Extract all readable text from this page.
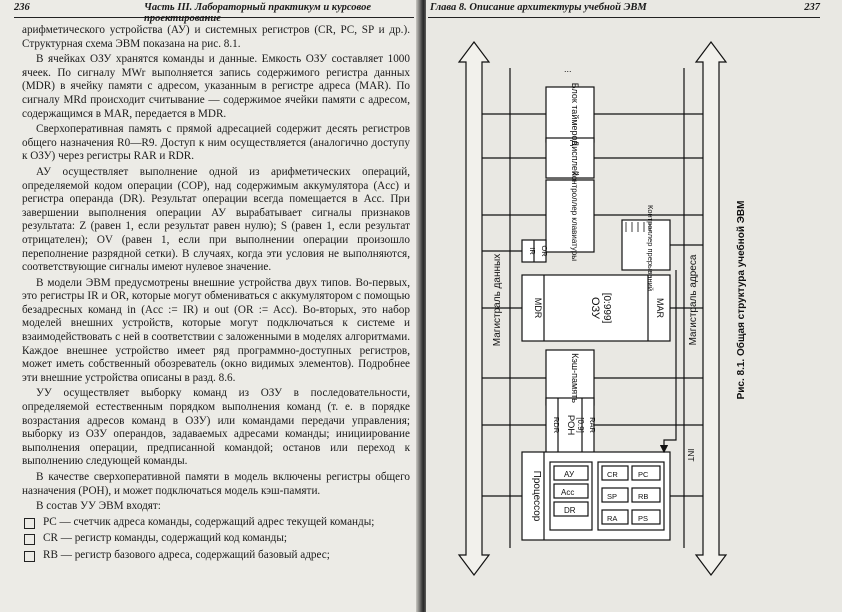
236	Часть III. Лабораторный практикум и курсовое проектирование

арифметического устройства (АУ) и системных регистров (CR, PC, SP и др.). Структурная схема ЭВМ показана на рис. 8.1.

В ячейках ОЗУ хранятся команды и данные. Емкость ОЗУ составляет 1000 ячеек. По сигналу MWr выполняется запись содержимого регистра данных (MDR) в ячейку памяти с адресом, указанным в регистре адреса (MAR). По сигналу MRd происходит считывание — содержимое ячейки памяти с адресом, содержащимся в MAR, передается в MDR.

Сверхоперативная память с прямой адресацией содержит десять регистров общего назначения R0—R9. Доступ к ним осуществляется (аналогично доступу к ОЗУ) через регистры RAR и RDR.

АУ осуществляет выполнение одной из арифметических операций, определяемой кодом операции (COP), над содержимым аккумулятора (Acc) и регистра операнда (DR). Результат операции всегда помещается в Acc. При завершении выполнения операции АУ вырабатывает сигналы признаков результата: Z (равен 1, если результат равен нулю); S (равен 1, если результат отрицателен); OV (равен 1, если при выполнении операции произошло переполнение разрядной сетки). В случаях, когда эти условия не выполняются, соответствующие сигналы имеют нулевое значение.

В модели ЭВМ предусмотрены внешние устройства двух типов. Во-первых, это регистры IR и OR, которые могут обмениваться с аккумулятором с помощью безадресных команд in (Acc := IR) и out (OR := Acc). Во-вторых, это набор моделей внешних устройств, которые могут подключаться к системе и взаимодействовать с ней в соответствии с заложенными в моделях алгоритмами. Каждое внешнее устройство имеет ряд программно-доступных регистров, может иметь собственный обозреватель (окно видимых элементов). Подробнее эти внешние устройства описаны в разд. 8.6.

УУ осуществляет выборку команд из ОЗУ в последовательности, определяемой естественным порядком выполнения команд (т. е. в порядке возрастания адресов команд в ОЗУ) или командами передачи управления; выборку из ОЗУ операндов, задаваемых адресами команды; инициирование выполнения операции, предписанной командой; останов или переход к выполнению следующей команды.

В качестве сверхоперативной памяти в модель включены регистры общего назначения (РОН), и может подключаться модель кэш-памяти.

В состав УУ ЭВМ входят:

PC — счетчик адреса команды, содержащий адрес текущей команды;
CR — регистр команды, содержащий код команды;
RB — регистр базового адреса, содержащий базовый адрес;
Глава 8. Описание архитектуры учебной ЭВМ	237
...
Блок таймеров
Дисплей
Контроллер клавиатуры	Контроллер прерываний
IR OR
MDR	ОЗУ [0:999]	MAR
Кэш-память
RDR РОН [0:9] RAR
Процессор	АУ
Acc
DR
CR	PC
SP	RB
RA	PS
INT
Магистраль данных	Магистраль адреса	Рис. 8.1. Общая структура учебной ЭВМ
